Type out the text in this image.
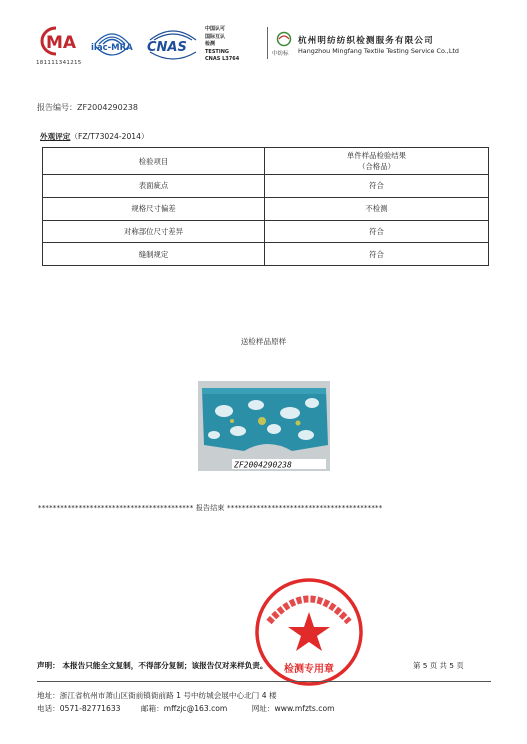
MA
181111341215
ilac-MRA CNAS
中国认可
国际互认
检测
TESTING
CNAS L3764
中纺标
杭州明纺纺织检测服务有限公司
Hangzhou Mingfang Textile Testing Service Co.,Ltd
报告编号：ZF2004290238
外观评定（FZ/T73024-2014）
检验项目	单件样品检验结果
（合格品）

表面疵点	符合
规格尺寸偏差	不检测
对称部位尺寸差异	符合
缝制规定	符合
送检样品原样
ZF2004290238
****************************************** 报告结束 ******************************************
检测专用章
声明： 本报告只能全文复制，不得部分复制；该报告仅对来样负责。	第 5 页 共 5 页
地址：浙江省杭州市萧山区衙前镇衙前路 1 号中纺城会展中心北门 4 楼
电话：0571-82771633	邮箱：mffzjc@163.com	网址：www.mfzts.com
